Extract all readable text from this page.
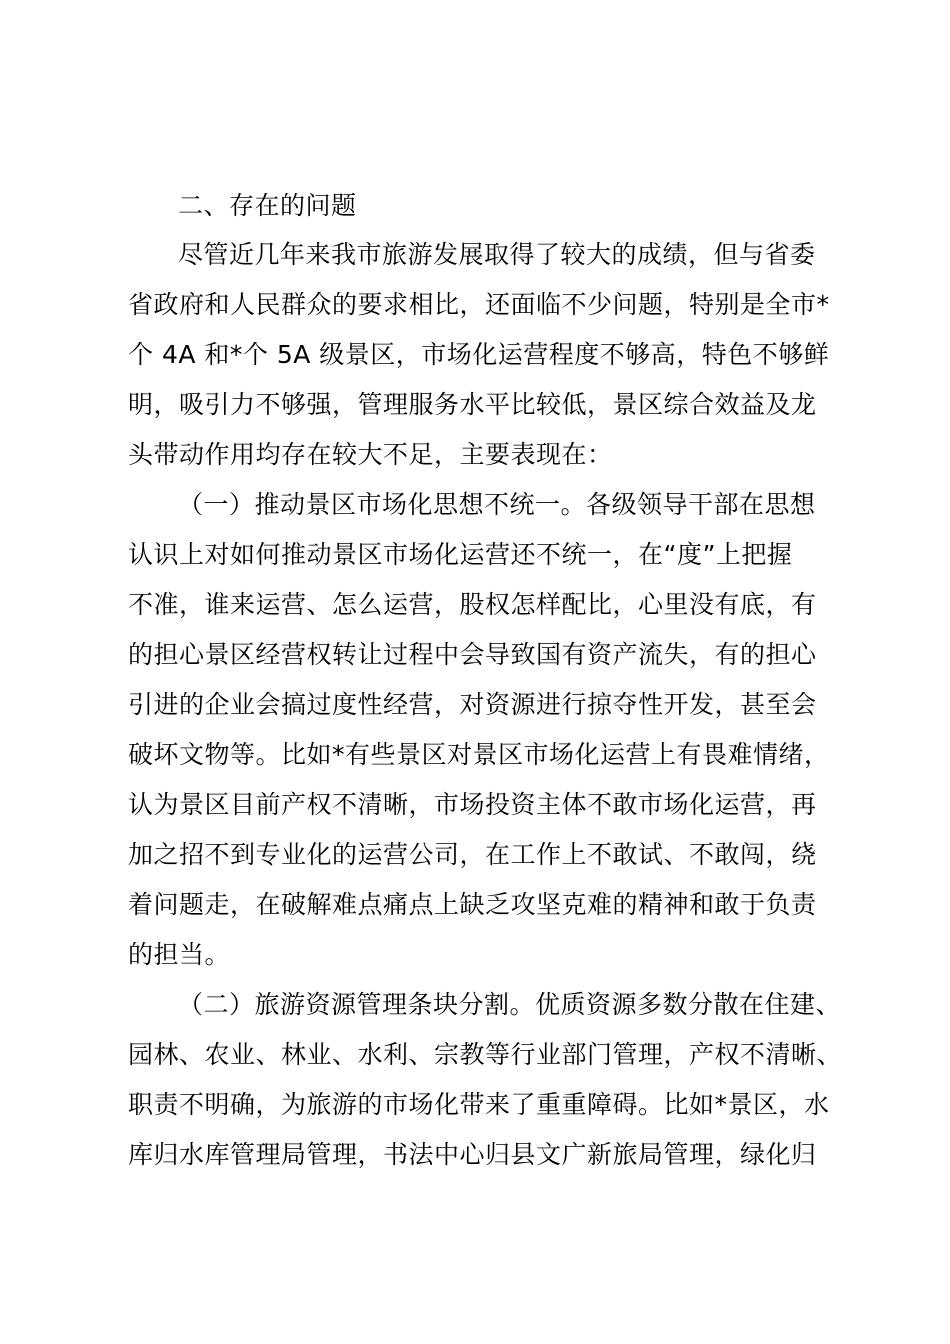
二、存在的问题
尽管近几年来我市旅游发展取得了较大的成绩，但与省委
省政府和人民群众的要求相比，还面临不少问题，特别是全市*
个 4A 和*个 5A 级景区，市场化运营程度不够高，特色不够鲜
明，吸引力不够强，管理服务水平比较低，景区综合效益及龙
头带动作用均存在较大不足，主要表现在：
（一）推动景区市场化思想不统一。各级领导干部在思想
认识上对如何推动景区市场化运营还不统一，在“度”上把握
不准，谁来运营、怎么运营，股权怎样配比，心里没有底，有
的担心景区经营权转让过程中会导致国有资产流失，有的担心
引进的企业会搞过度性经营，对资源进行掠夺性开发，甚至会
破坏文物等。比如*有些景区对景区市场化运营上有畏难情绪，
认为景区目前产权不清晰，市场投资主体不敢市场化运营，再
加之招不到专业化的运营公司，在工作上不敢试、不敢闯，绕
着问题走，在破解难点痛点上缺乏攻坚克难的精神和敢于负责
的担当。
（二）旅游资源管理条块分割。优质资源多数分散在住建、
园林、农业、林业、水利、宗教等行业部门管理，产权不清晰、
职责不明确，为旅游的市场化带来了重重障碍。比如*景区，水
库归水库管理局管理，书法中心归县文广新旅局管理，绿化归
